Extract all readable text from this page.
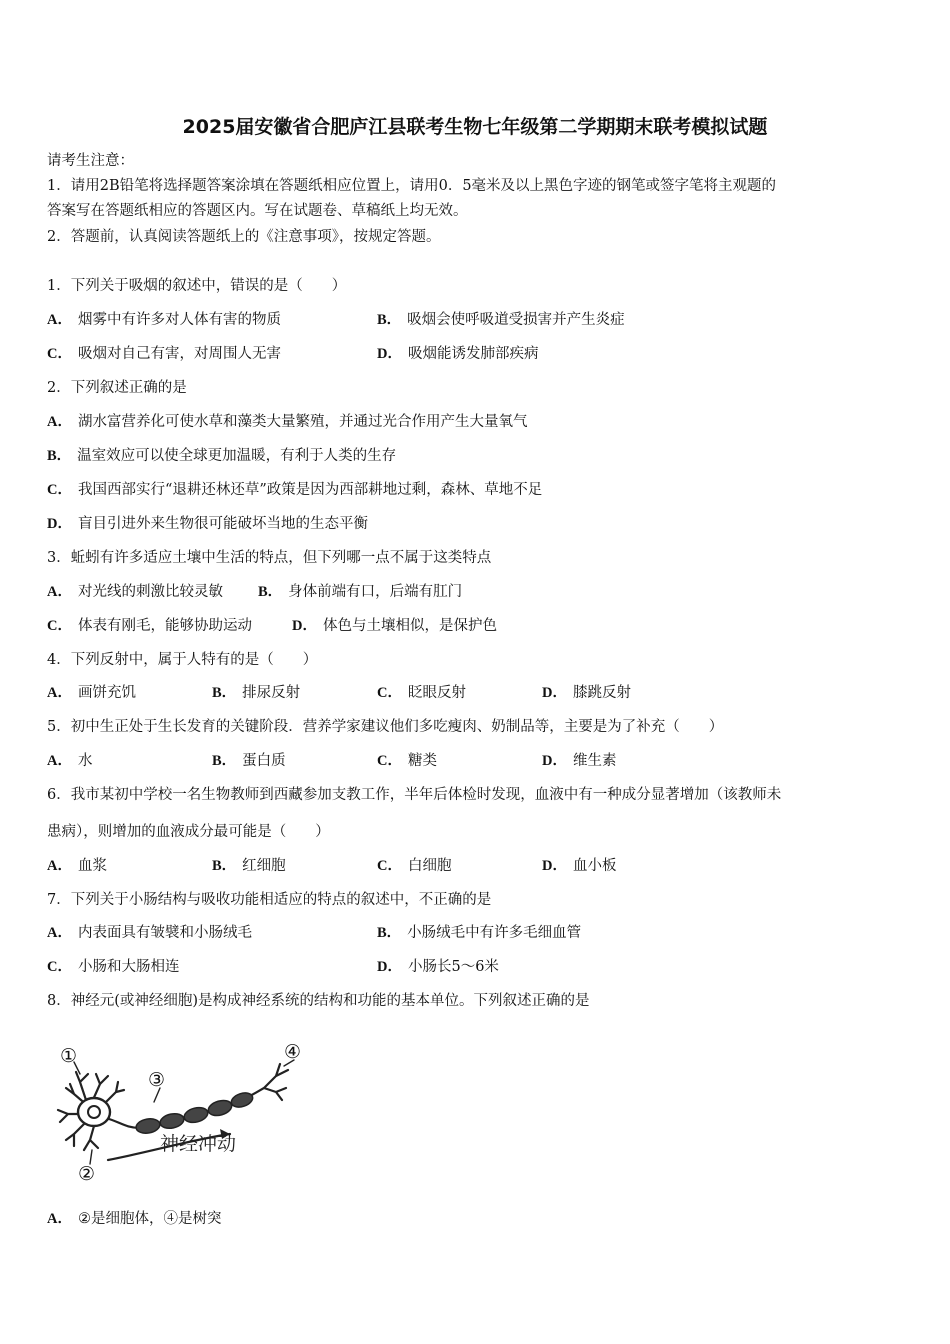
2025届安徽省合肥庐江县联考生物七年级第二学期期末联考模拟试题
请考生注意：
1．请用2B铅笔将选择题答案涂填在答题纸相应位置上，请用0．5毫米及以上黑色字迹的钢笔或签字笔将主观题的
答案写在答题纸相应的答题区内。写在试题卷、草稿纸上均无效。
2．答题前，认真阅读答题纸上的《注意事项》，按规定答题。
1．下列关于吸烟的叙述中，错误的是（　　）
A． 烟雾中有许多对人体有害的物质	B． 吸烟会使呼吸道受损害并产生炎症
C． 吸烟对自己有害，对周围人无害	D． 吸烟能诱发肺部疾病
2．下列叙述正确的是
A． 湖水富营养化可使水草和藻类大量繁殖，并通过光合作用产生大量氧气
B． 温室效应可以使全球更加温暖，有利于人类的生存
C． 我国西部实行“退耕还林还草”政策是因为西部耕地过剩，森林、草地不足
D． 盲目引进外来生物很可能破坏当地的生态平衡
3．蚯蚓有许多适应土壤中生活的特点，但下列哪一点不属于这类特点
A． 对光线的刺激比较灵敏 B． 身体前端有口，后端有肛门
C． 体表有刚毛，能够协助运动	D． 体色与土壤相似，是保护色
4．下列反射中，属于人特有的是（　　）
A． 画饼充饥	B． 排尿反射	C． 眨眼反射	D． 膝跳反射
5．初中生正处于生长发育的关键阶段．营养学家建议他们多吃瘦肉、奶制品等，主要是为了补充（　　）
A． 水	B． 蛋白质	C． 糖类	D． 维生素
6．我市某初中学校一名生物教师到西藏参加支教工作，半年后体检时发现，血液中有一种成分显著增加（该教师未
患病），则增加的血液成分最可能是（　　）
A． 血浆	B． 红细胞	C． 白细胞	D． 血小板
7．下列关于小肠结构与吸收功能相适应的特点的叙述中，不正确的是
A． 内表面具有皱襞和小肠绒毛	B． 小肠绒毛中有许多毛细血管
C． 小肠和大肠相连	D． 小肠长5～6米
8．神经元(或神经细胞)是构成神经系统的结构和功能的基本单位。下列叙述正确的是
①
②
③
④
神经冲动
A． ②是细胞体，④是树突
